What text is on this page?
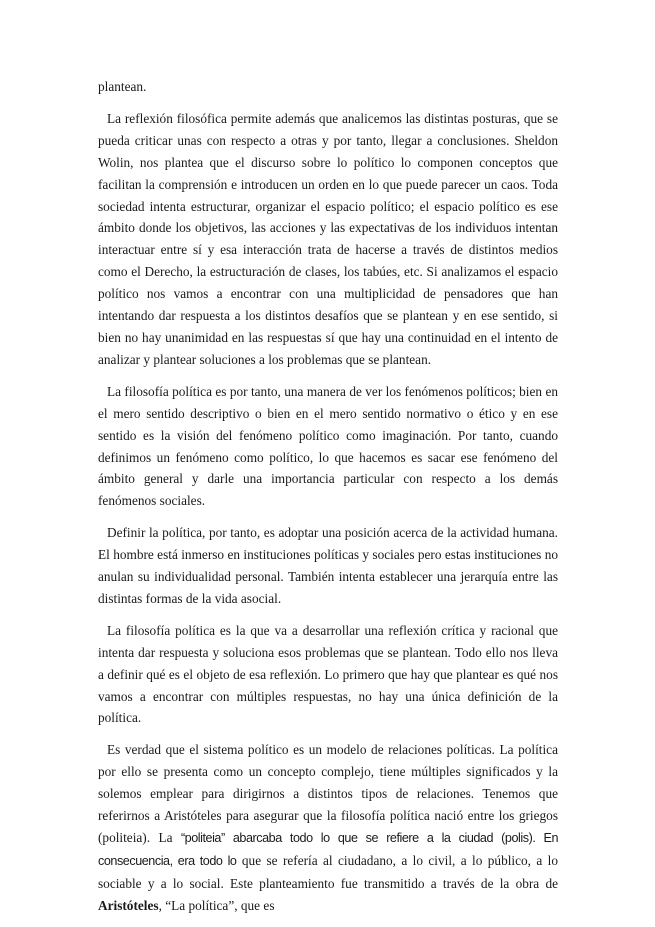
plantean.

La reflexión filosófica permite además que analicemos las distintas posturas, que se pueda criticar unas con respecto a otras y por tanto, llegar a conclusiones. Sheldon Wolin, nos plantea que el discurso sobre lo político lo componen conceptos que facilitan la comprensión e introducen un orden en lo que puede parecer un caos. Toda sociedad intenta estructurar, organizar el espacio político; el espacio político es ese ámbito donde los objetivos, las acciones y las expectativas de los individuos intentan interactuar entre sí y esa interacción trata de hacerse a través de distintos medios como el Derecho, la estructuración de clases, los tabúes, etc. Si analizamos el espacio político nos vamos a encontrar con una multiplicidad de pensadores que han intentando dar respuesta a los distintos desafíos que se plantean y en ese sentido, si bien no hay unanimidad en las respuestas sí que hay una continuidad en el intento de analizar y plantear soluciones a los problemas que se plantean.

La filosofía política es por tanto, una manera de ver los fenómenos políticos; bien en el mero sentido descriptivo o bien en el mero sentido normativo o ético y en ese sentido es la visión del fenómeno político como imaginación. Por tanto, cuando definimos un fenómeno como político, lo que hacemos es sacar ese fenómeno del ámbito general y darle una importancia particular con respecto a los demás fenómenos sociales.

Definir la política, por tanto, es adoptar una posición acerca de la actividad humana. El hombre está inmerso en instituciones políticas y sociales pero estas instituciones no anulan su individualidad personal. También intenta establecer una jerarquía entre las distintas formas de la vida asocial.

La filosofía política es la que va a desarrollar una reflexión crítica y racional que intenta dar respuesta y soluciona esos problemas que se plantean. Todo ello nos lleva a definir qué es el objeto de esa reflexión. Lo primero que hay que plantear es qué nos vamos a encontrar con múltiples respuestas, no hay una única definición de la política.

Es verdad que el sistema político es un modelo de relaciones políticas. La política por ello se presenta como un concepto complejo, tiene múltiples significados y la solemos emplear para dirigirnos a distintos tipos de relaciones. Tenemos que referirnos a Aristóteles para asegurar que la filosofía política nació entre los griegos (politeia). La “politeia” abarcaba todo lo que se refiere a la ciudad (polis). En consecuencia, era todo lo que se refería al ciudadano, a lo civil, a lo público, a lo sociable y a lo social. Este planteamiento fue transmitido a través de la obra de Aristóteles, “La política”, que es
